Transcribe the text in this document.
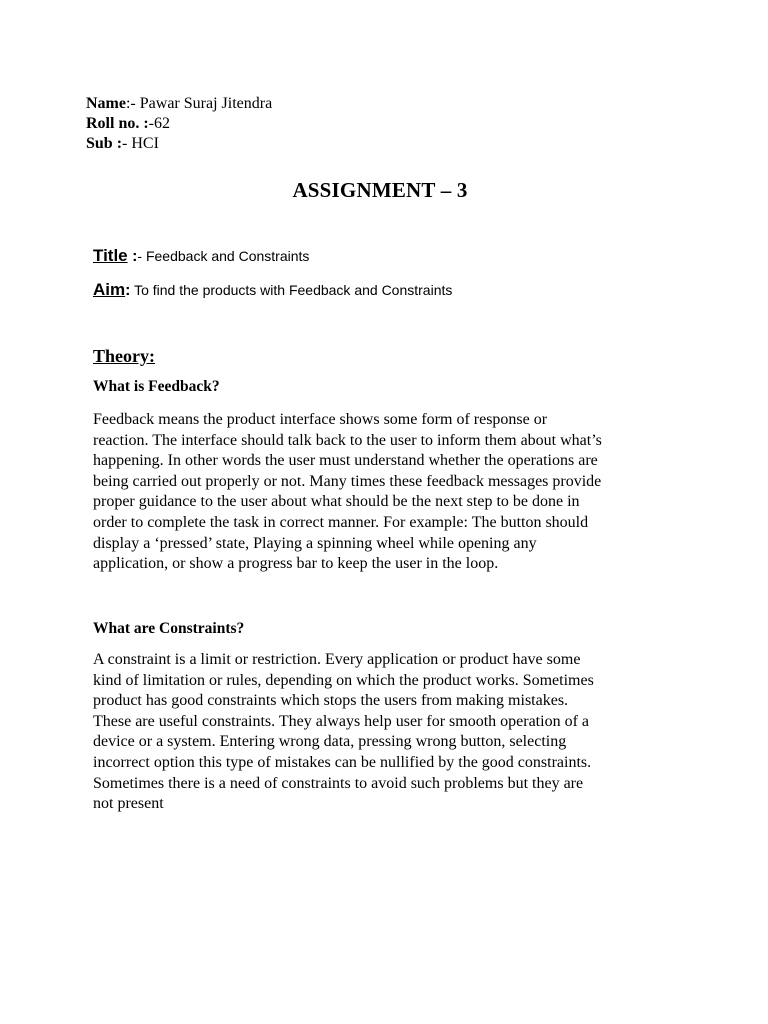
Name:- Pawar Suraj Jitendra
Roll no. :-62
Sub :- HCI
ASSIGNMENT – 3
Title :- Feedback and Constraints
Aim: To find the products with Feedback and Constraints
Theory:
What is Feedback?
Feedback means the product interface shows some form of response or
reaction. The interface should talk back to the user to inform them about what’s
happening. In other words the user must understand whether the operations are
being carried out properly or not. Many times these feedback messages provide
proper guidance to the user about what should be the next step to be done in
order to complete the task in correct manner. For example: The button should
display a ‘pressed’ state, Playing a spinning wheel while opening any
application, or show a progress bar to keep the user in the loop.
What are Constraints?
A constraint is a limit or restriction. Every application or product have some
kind of limitation or rules, depending on which the product works. Sometimes
product has good constraints which stops the users from making mistakes.
These are useful constraints. They always help user for smooth operation of a
device or a system. Entering wrong data, pressing wrong button, selecting
incorrect option this type of mistakes can be nullified by the good constraints.
Sometimes there is a need of constraints to avoid such problems but they are
not present
